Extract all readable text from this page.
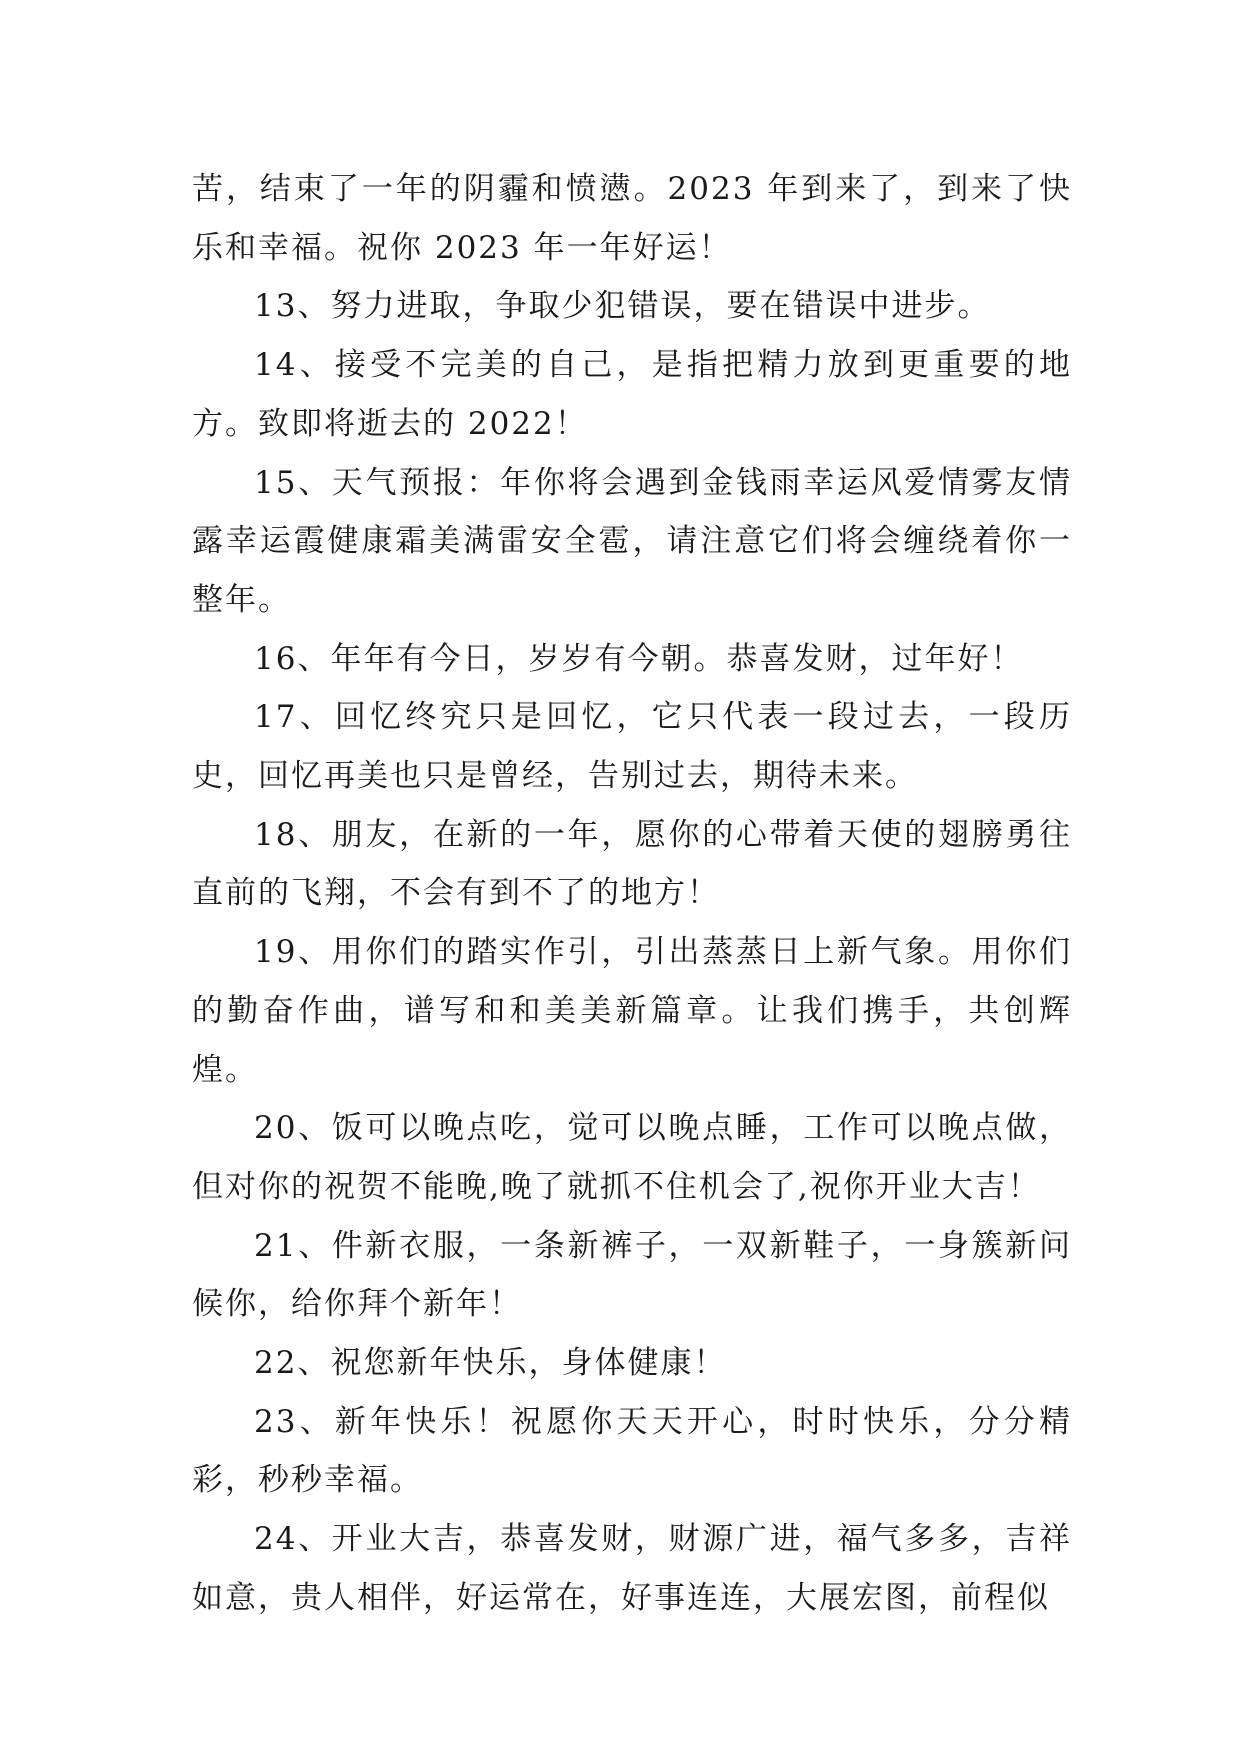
苦，结束了一年的阴霾和愤懑。2023 年到来了，到来了快乐和幸福。祝你 2023 年一年好运！

13、努力进取，争取少犯错误，要在错误中进步。

14、接受不完美的自己，是指把精力放到更重要的地方。致即将逝去的 2022！

15、天气预报：年你将会遇到金钱雨幸运风爱情雾友情露幸运霞健康霜美满雷安全雹，请注意它们将会缠绕着你一整年。

16、年年有今日，岁岁有今朝。恭喜发财，过年好！

17、回忆终究只是回忆，它只代表一段过去，一段历史，回忆再美也只是曾经，告别过去，期待未来。

18、朋友，在新的一年，愿你的心带着天使的翅膀勇往直前的飞翔，不会有到不了的地方！

19、用你们的踏实作引，引出蒸蒸日上新气象。用你们的勤奋作曲，谱写和和美美新篇章。让我们携手，共创辉煌。

20、饭可以晚点吃，觉可以晚点睡，工作可以晚点做，但对你的祝贺不能晚,晚了就抓不住机会了,祝你开业大吉！

21、件新衣服，一条新裤子，一双新鞋子，一身簇新问候你，给你拜个新年！

22、祝您新年快乐，身体健康！

23、新年快乐！祝愿你天天开心，时时快乐，分分精彩，秒秒幸福。

24、开业大吉，恭喜发财，财源广进，福气多多，吉祥如意，贵人相伴，好运常在，好事连连，大展宏图，前程似
